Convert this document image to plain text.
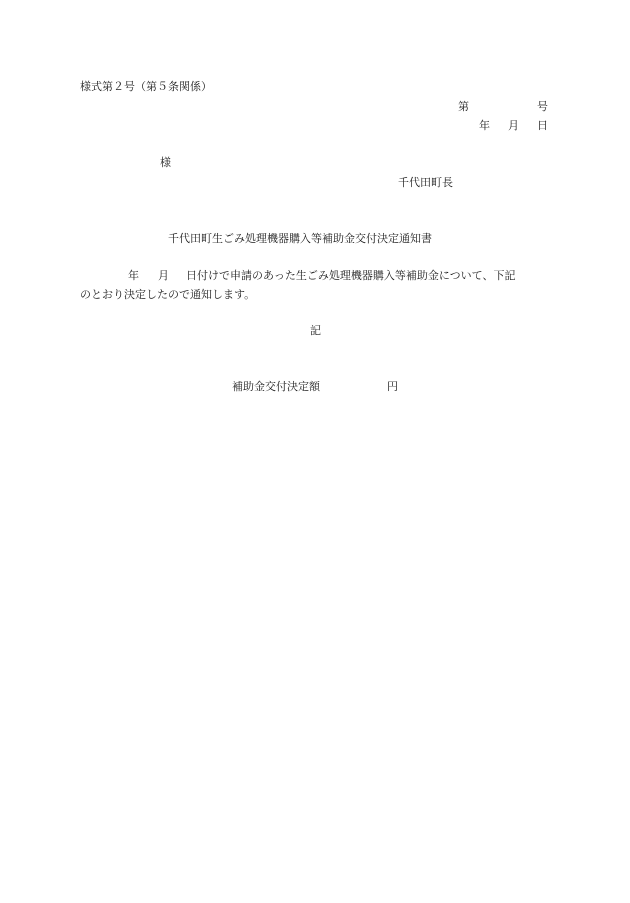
様式第２号（第５条関係）
第	号
年 月 日
様
千代田町長
千代田町生ごみ処理機器購入等補助金交付決定通知書
年 月 日付けで申請のあった生ごみ処理機器購入等補助金について、下記
のとおり決定したので通知します。
記
補助金交付決定額	円
